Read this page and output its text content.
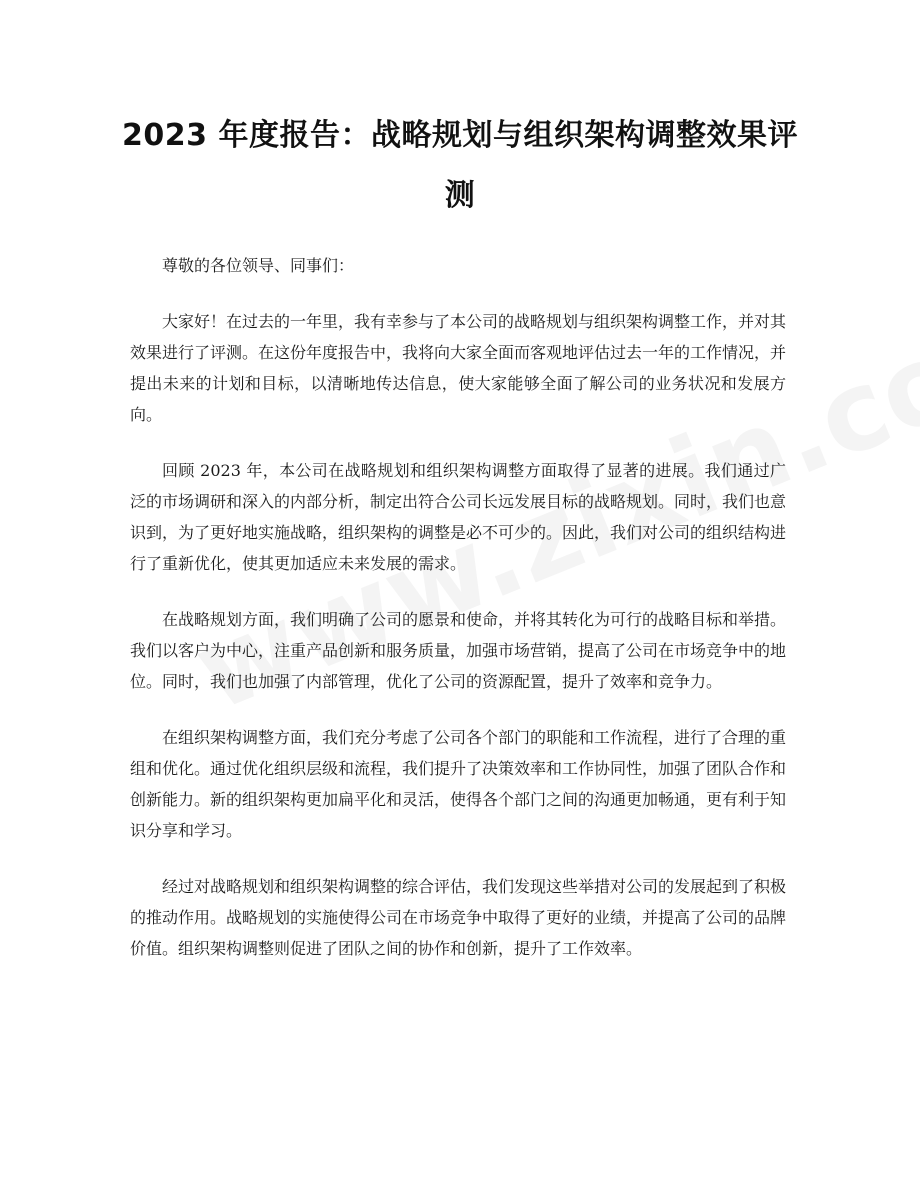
2023 年度报告：战略规划与组织架构调整效果评测

尊敬的各位领导、同事们：

大家好！在过去的一年里，我有幸参与了本公司的战略规划与组织架构调整工作，并对其效果进行了评测。在这份年度报告中，我将向大家全面而客观地评估过去一年的工作情况，并提出未来的计划和目标，以清晰地传达信息，使大家能够全面了解公司的业务状况和发展方向。

回顾 2023 年，本公司在战略规划和组织架构调整方面取得了显著的进展。我们通过广泛的市场调研和深入的内部分析，制定出符合公司长远发展目标的战略规划。同时，我们也意识到，为了更好地实施战略，组织架构的调整是必不可少的。因此，我们对公司的组织结构进行了重新优化，使其更加适应未来发展的需求。

在战略规划方面，我们明确了公司的愿景和使命，并将其转化为可行的战略目标和举措。我们以客户为中心，注重产品创新和服务质量，加强市场营销，提高了公司在市场竞争中的地位。同时，我们也加强了内部管理，优化了公司的资源配置，提升了效率和竞争力。

在组织架构调整方面，我们充分考虑了公司各个部门的职能和工作流程，进行了合理的重组和优化。通过优化组织层级和流程，我们提升了决策效率和工作协同性，加强了团队合作和创新能力。新的组织架构更加扁平化和灵活，使得各个部门之间的沟通更加畅通，更有利于知识分享和学习。

经过对战略规划和组织架构调整的综合评估，我们发现这些举措对公司的发展起到了积极的推动作用。战略规划的实施使得公司在市场竞争中取得了更好的业绩，并提高了公司的品牌价值。组织架构调整则促进了团队之间的协作和创新，提升了工作效率。
